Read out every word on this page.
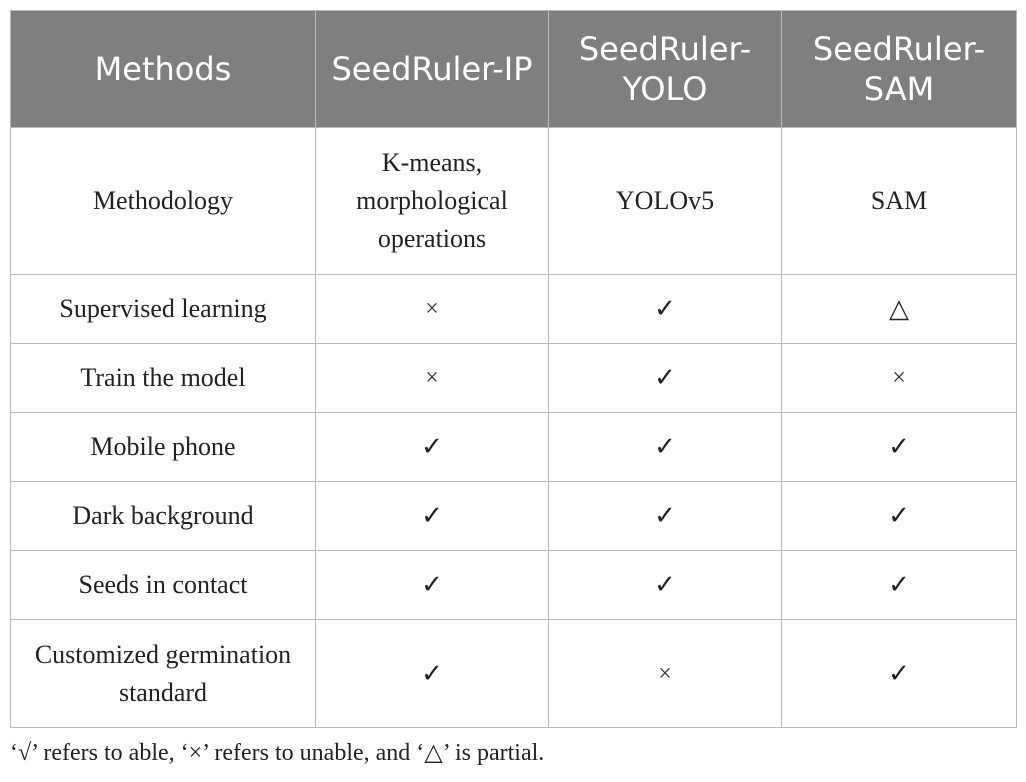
Methods	SeedRuler-IP	SeedRuler-YOLO	SeedRuler-SAM
Methodology	K-means, morphological operations	YOLOv5	SAM
Supervised learning	×	✓	△
Train the model	×	✓	×
Mobile phone	✓	✓	✓
Dark background	✓	✓	✓
Seeds in contact	✓	✓	✓
Customized germination standard	✓	×	✓
‘√’ refers to able, ‘×’ refers to unable, and ‘△’ is partial.
